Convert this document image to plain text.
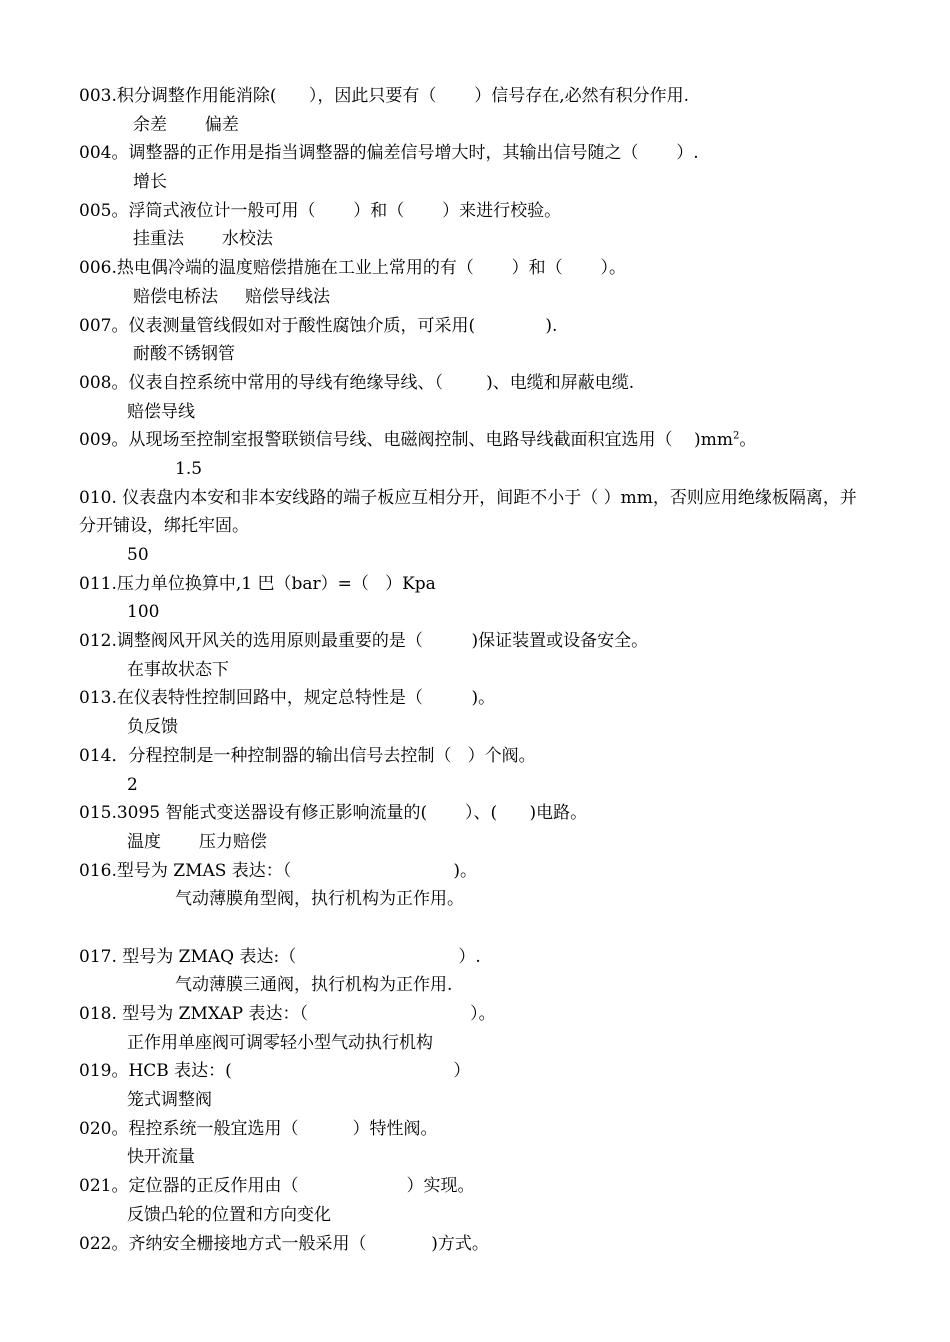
003.积分调整作用能消除(      ），因此只要有（       ）信号存在,必然有积分作用.
余差       偏差
004。调整器的正作用是指当调整器的偏差信号增大时，其输出信号随之（       ）.
增长
005。浮筒式液位计一般可用（       ）和（       ）来进行校验。
挂重法       水校法
006.热电偶冷端的温度赔偿措施在工业上常用的有（       ）和（       ）。
赔偿电桥法     赔偿导线法
007。仪表测量管线假如对于酸性腐蚀介质，可采用(             ).
耐酸不锈钢管
008。仪表自控系统中常用的导线有绝缘导线、（        )、电缆和屏蔽电缆.
赔偿导线
009。从现场至控制室报警联锁信号线、电磁阀控制、电路导线截面积宜选用（    )$mm^2$。
1.5
010. 仪表盘内本安和非本安线路的端子板应互相分开，间距不小于（ ）mm，否则应用绝缘板隔离，并分开铺设，绑托牢固。
50
011.压力单位换算中,1 巴（bar）=（   ）Kpa
100
012.调整阀风开风关的选用原则最重要的是（         )保证装置或设备安全。
在事故状态下
013.在仪表特性控制回路中，规定总特性是（         )。
负反馈
014．分程控制是一种控制器的输出信号去控制（   ）个阀。
2
015.3095 智能式变送器设有修正影响流量的(       ）、(      )电路。
温度       压力赔偿
016.型号为 ZMAS 表达：（                              )。
气动薄膜角型阀，执行机构为正作用。
017. 型号为 ZMAQ 表达:（                              ）.
气动薄膜三通阀，执行机构为正作用.
018. 型号为 ZMXAP 表达：（                              ）。
正作用单座阀可调零轻小型气动执行机构
019。HCB 表达：(                                         ）
笼式调整阀
020。程控系统一般宜选用（          ）特性阀。
快开流量
021。定位器的正反作用由（                    ）实现。
反馈凸轮的位置和方向变化
022。齐纳安全栅接地方式一般采用（            )方式。
